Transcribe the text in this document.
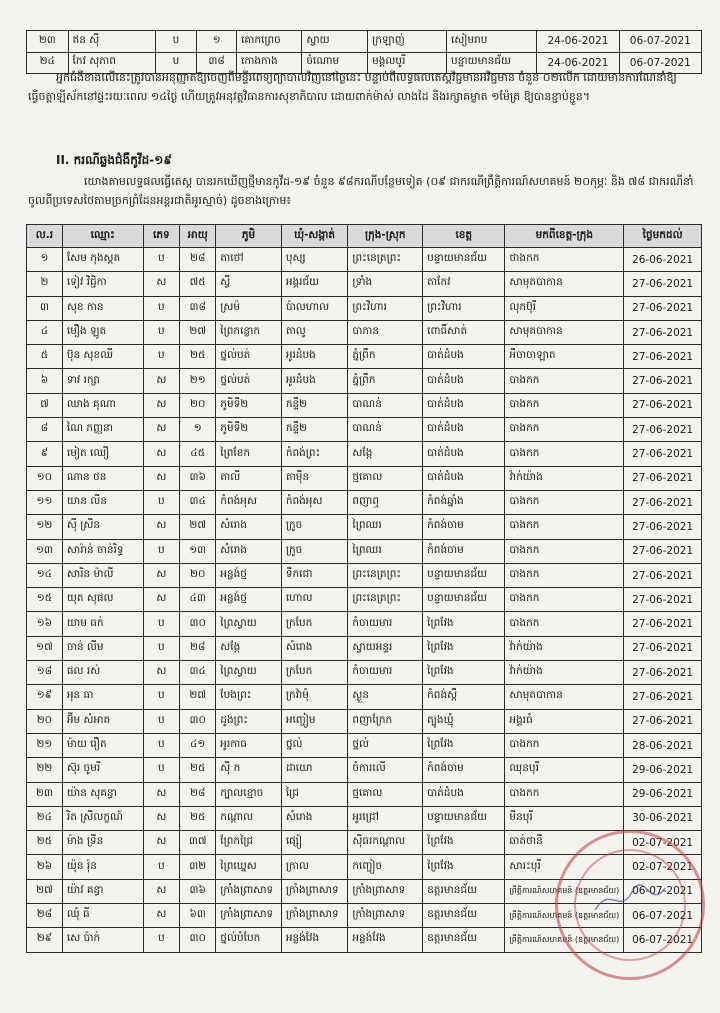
២៣	ឥន ស៊ី	ប	១	គោកព្រេច	ស្វាយ	ក្រឡាញ់	សៀមរាប	24-06-2021	06-07-2021
២៤	កែវ សុភាព	ប	៣៨	កោងកាង	ចំណោម	មង្គលបូរី	បន្ទាយមានជ័យ	24-06-2021	06-07-2021
អ្នកជំងឺខាងលើនេះត្រូវបានអនុញ្ញាតឱ្យចេញពីមន្ទីរពេទ្យព្យាបាលវិញនៅថ្ងៃនេះ បន្ទាប់ពីលទ្ធផលតេស្តវិជ្ជមានអវិជ្ជមាន ចំនួន ០២លើក ដោយមានការណែនាំឱ្យធ្វើចត្តាឡីស័កនៅផ្ទះរយៈពេល ១៤ថ្ងៃ ហើយត្រូវអនុវត្តវិធានការសុខាភិបាល ដោយពាក់ម៉ាស់ លាងដៃ និងរក្សាគម្លាត ១ម៉ែត្រ ឱ្យបានខ្ជាប់ខ្ជួន។
II. ករណីឆ្លងជំងឺកូវីដ-១៩
យោងតាមលទ្ធផលធ្វើតេស្ត បានរកឃើញថ្មីមានកូវីដ-១៩ ចំនួន ៩៨ករណីបន្ថែមទៀត (០៩ ជាករណីព្រឹត្តិការណ៍សហគមន៍ ២០កុម្ភៈ និង ៧៨ ជាករណីនាំចូលពីប្រទេសថៃតាមច្រកព្រំដែនអន្តរជាតិអូរស្មាច់) ដូចខាងក្រោម៖
ល.រ	ឈ្មោះ	ភេទ	អាយុ	ភូមិ	ឃុំ-សង្កាត់	ក្រុង-ស្រុក	ខេត្ត	មកពីខេត្ត-ក្រុង	ថ្ងៃមកដល់
១	សែម កុងស្គត	ប	២៨	តាថៅ	បុស្ស	ព្រះនេត្រព្រះ	បន្ទាយមានជ័យ	ថាងកក	26-06-2021
២	ទៀវ វិជ្ជិកា	ស	៧៥	ស្វី	អង្គរជ័យ	ទ្រាំង	តាកែវ	សាមុតបាកាន	27-06-2021
៣	សុខ កាន	ប	៣៨	ស្រម៉	ប៉ាលហាល	ព្រះវិហារ	ព្រះវិហារ	លុកប៊ុរី	27-06-2021
៤	មឿង ឡូត	ប	២៧	ព្រៃកន្លោក	តាលូ	បាកាន	ពោធិ៍សាត់	សាមុតបាកាន	27-06-2021
៥	ប៊ុន សុខឈី	ប	២៥	ថ្នល់បត់	អូរដំបង	ភ្នំព្រឹក	បាត់ដំបង	អឺចាចាឡាត	27-06-2021
៦	ទាវ រក្សា	ស	២១	ថ្នល់បត់	អូរដំបង	ភ្នំព្រឹក	បាត់ដំបង	បាងកក	27-06-2021
៧	ឈាង គុណា	ស	២០	ភូមិទី២	កន្ទឺ២	បាណន់	បាត់ដំបង	បាងកក	27-06-2021
៨	ណៃ កញ្ញនា	ស	១	ភូមិទី២	កន្ទឺ២	បាណន់	បាត់ដំបង	បាងកក	27-06-2021
៩	មៀត ឈឿ	ស	៤៥	ព្រៃខែក	កំពង់ព្រះ	សង្កែ	បាត់ដំបង	បាងកក	27-06-2021
១០	ណាន ថន	ស	៣៦	តាលី	តាម៉ឺន	ថ្មគោល	បាត់ដំបង	វ៉ាក់យ៉ាង	27-06-2021
១១	យាន លីន	ប	៣៤	កំពង់អុស	កំពង់អុស	ពញាឮ	កំពង់ឆ្នាំង	បាងកក	27-06-2021
១២	ស៊ី ស្រីន	ស	២៧	សំរោង	ក្រូច	ព្រៃឈរ	កំពង់ចាម	បាងកក	27-06-2021
១៣	សារ៉ាន់ ចាន់រិទ្ធ	ប	១៣	សំរោង	ក្រូច	ព្រៃឈរ	កំពង់ចាម	បាងកក	27-06-2021
១៤	សារិន ម៉ាលី	ស	២០	អន្លង់ថ្ម	ទឹកជោ	ព្រះនេត្រព្រះ	បន្ទាយមានជ័យ	បាងកក	27-06-2021
១៥	យុត សុផល	ស	៤៣	អន្លង់ថ្ម	ហោល	ព្រះនេត្រព្រះ	បន្ទាយមានជ័យ	បាងកក	27-06-2021
១៦	យាម ធក់	ប	៣០	ព្រៃស្វាយ	ក្របែក	កំចាយមារ	ព្រៃវែង	បាងកក	27-06-2021
១៧	ចាន់ លីម	ប	២៨	សង្កែ	សំរោង	ស្វាយអន្ទរ	ព្រៃវែង	វ៉ាក់យ៉ាង	27-06-2021
១៨	ផល រស់	ស	៣៤	ព្រៃស្វាយ	ក្របែក	កំចាយមារ	ព្រៃវែង	វ៉ាក់យ៉ាង	27-06-2021
១៩	អុន ធា	ប	២៧	បែងព្រះ	ក្រវ៉ាមុំ	ស្ងួន	កំពង់ស្ពឺ	សាមុតបាកាន	27-06-2021
២០	អ៊ីម សំអាត	ប	៣០	ដូងព្រះ	អញ្ចៀម	ពញាក្រែក	ត្បូងឃ្មុំ	អង្គរធំ	27-06-2021
២១	ម៉ាយ រឿត	ប	៤១	អូរកាធ	ថ្នល់	ថ្នល់	ព្រៃវែង	បាងកក	28-06-2021
២២	ស៊ុរ ចូមរី	ប	២៥	ស៊ី ក	ដាយោ	ចំការលើ	កំពង់ចាម	ឈុនបុរី	29-06-2021
២៣	យ៉ាន សុគន្ធា	ស	២៨	ក្បាលខ្មោច	ជ្រៃ	ថ្មគោល	បាត់ដំបង	បាងកក	29-06-2021
២៤	រិត ស្រីលក្ខណ៍	ស	២៥	កណ្ដាល	សំរោង	អូរជ្រៅ	បន្ទាយមានជ័យ	មីនបុរី	30-06-2021
២៥	ម៉ាង ទ្រីន	ស	៣៧	ព្រែកជ្រៃ	ផ្សៀ	ស៊ីធរកណ្ដាល	ព្រៃវែង	ឆាត់ថានី	02-07-2021
២៦	យ៉ុន រ៉ុន	ប	៣២	ព្រៃឃ្នេស	ក្រាល	កញ្ជៀច	ព្រៃវែង	សារះបុរី	02-07-2021
២៧	យ៉ាវ គន្ធា	ស	៣៦	ក្រាំងព្រាសាទ	ក្រាំងព្រាសាទ	ក្រាំងព្រាសាទ	ឧត្តរមានជ័យ	ព្រឹត្តិការណ៍សហគមន៍ (ឧត្តរមានជ័យ)	06-07-2021
២៨	ឈុំ ធី	ស	៦៣	ក្រាំងព្រាសាទ	ក្រាំងព្រាសាទ	ក្រាំងព្រាសាទ	ឧត្តរមានជ័យ	ព្រឹត្តិការណ៍សហគមន៍ (ឧត្តរមានជ័យ)	06-07-2021
២៩	សេ ប៉ាក់	ប	៣០	ថ្នល់បំបែក	អន្លង់វែង	អន្លង់វែង	ឧត្តរមានជ័យ	ព្រឹត្តិការណ៍សហគមន៍ (ឧត្តរមានជ័យ)	06-07-2021
